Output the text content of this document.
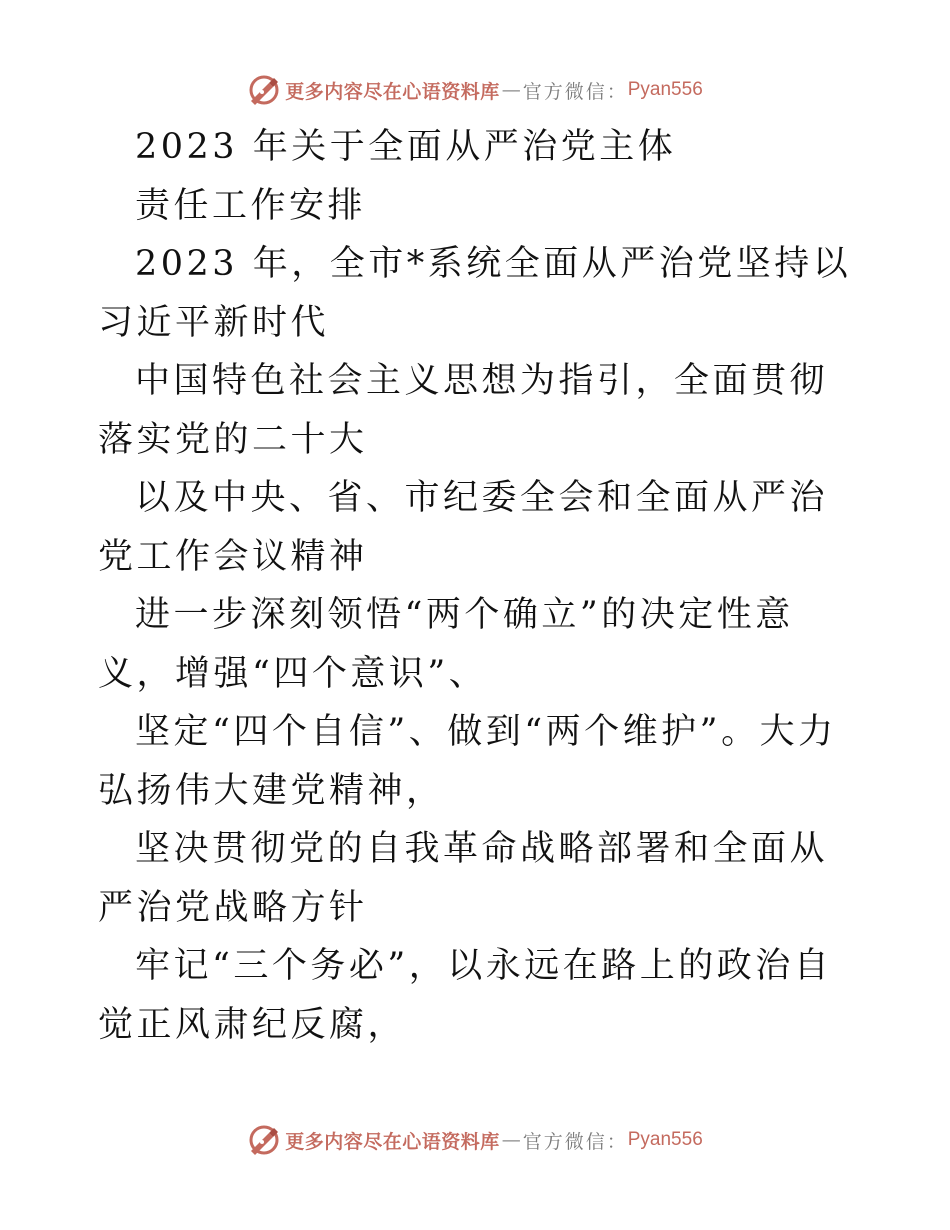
更多内容尽在心语资料库 — 官方微信： Pyan556

2023 年关于全面从严治党主体

责任工作安排

2023 年，全市*系统全面从严治党坚持以习近平新时代

中国特色社会主义思想为指引，全面贯彻落实党的二十大

以及中央、省、市纪委全会和全面从严治党工作会议精神

进一步深刻领悟“两个确立”的决定性意义，增强“四个意识”、

坚定“四个自信”、做到“两个维护”。大力弘扬伟大建党精神，

坚决贯彻党的自我革命战略部署和全面从严治党战略方针

牢记“三个务必”，以永远在路上的政治自觉正风肃纪反腐，

更多内容尽在心语资料库 — 官方微信： Pyan556
